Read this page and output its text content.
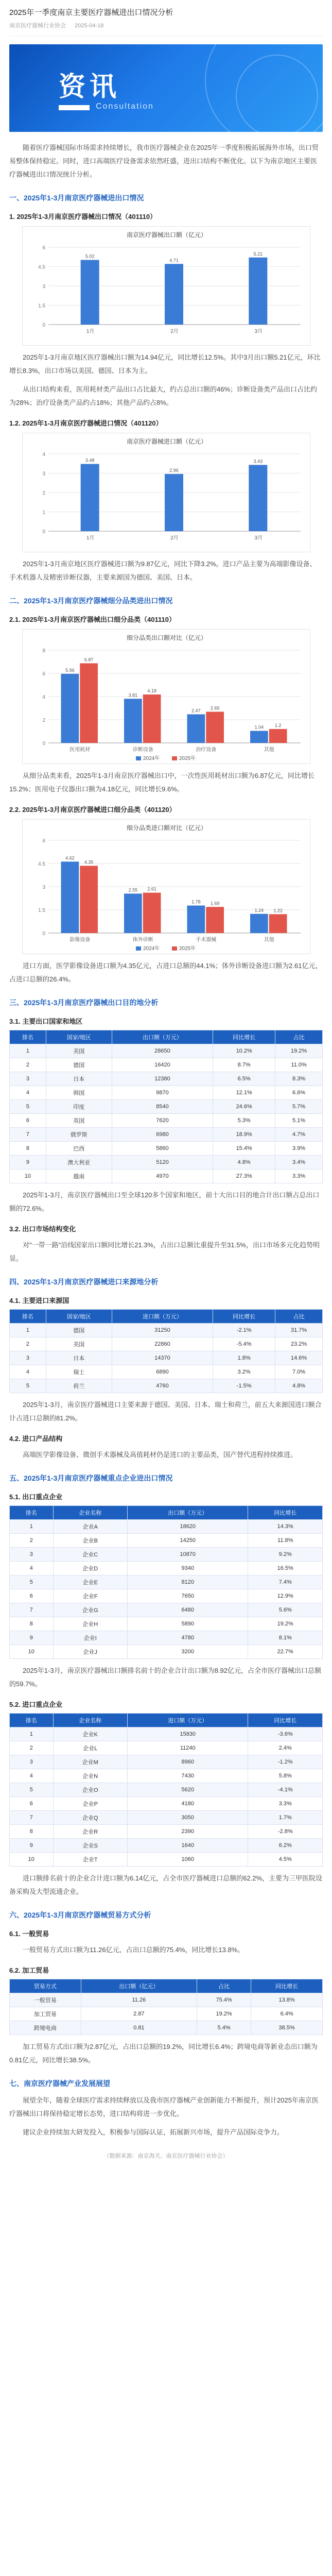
2025年一季度南京主要医疗器械进出口情况分析
南京医疗器械行业协会 2025-04-18
资讯
Consultation

随着医疗器械国际市场需求持续增长，我市医疗器械企业在2025年一季度积极拓展海外市场，出口贸易整体保持稳定。同时，进口高端医疗设备需求依然旺盛，进出口结构不断优化。以下为南京地区主要医疗器械进出口情况统计分析。

一、2025年1-3月南京医疗器械进出口情况
1. 2025年1-3月南京医疗器械出口情况（401110）
南京医疗器械出口额（亿元）
0
1.5
3
4.5
6
5.02
1月
4.71
2月
5.21
3月

2025年1-3月南京地区医疗器械出口额为14.94亿元，同比增长12.5%。其中3月出口额5.21亿元，环比增长8.3%，出口市场以美国、德国、日本为主。

从出口结构来看，医用耗材类产品出口占比最大，约占总出口额的46%；诊断设备类产品出口占比约为28%；治疗设备类产品约占18%；其他产品约占8%。

1.2. 2025年1-3月南京医疗器械进口情况（401120）
南京医疗器械进口额（亿元）
0
1
2
3
4
3.48
1月
2.96
2月
3.43
3月

2025年1-3月南京地区医疗器械进口额为9.87亿元，同比下降3.2%。进口产品主要为高端影像设备、手术机器人及精密诊断仪器，主要来源国为德国、美国、日本。

二、2025年1-3月南京医疗器械细分品类进出口情况
2.1. 2025年1-3月南京医疗器械出口细分品类（401110）
细分品类出口额对比（亿元）
0
2
4
6
8
5.96
6.87
医用耗材
3.81
4.18
诊断设备
2.47 2.69
治疗设备
1.04 1.2
其他
2024年	2025年

从细分品类来看，2025年1-3月南京医疗器械出口中，一次性医用耗材出口额为6.87亿元，同比增长15.2%；医用电子仪器出口额为4.18亿元，同比增长9.6%。

2.2. 2025年1-3月南京医疗器械进口细分品类（401120）
细分品类进口额对比（亿元）
0
1.5
3
4.5
6
4.62
4.35
影像设备
2.55 2.61
体外诊断
1.78 1.69
手术器械
1.24 1.22
其他
2024年	2025年

进口方面，医学影像设备进口额为4.35亿元，占进口总额的44.1%；体外诊断设备进口额为2.61亿元，占进口总额的26.4%。

三、2025年1-3月南京医疗器械出口目的地分析
3.1. 主要出口国家和地区
排名	国家/地区	出口额（万元）	同比增长	占比
1	美国	28650	10.2%	19.2%
2	德国	16420	8.7%	11.0%
3	日本	12380	6.5%	8.3%
4	韩国	9870	12.1%	6.6%
5	印度	8540	24.6%	5.7%
6	英国	7620	5.3%	5.1%
7	俄罗斯	6980	18.9%	4.7%
8	巴西	5860	15.4%	3.9%
9	澳大利亚	5120	4.8%	3.4%
10	越南	4970	27.3%	3.3%

2025年1-3月，南京医疗器械出口至全球120多个国家和地区，前十大出口目的地合计出口额占总出口额的72.6%。

3.2. 出口市场结构变化

对"一带一路"沿线国家出口额同比增长21.3%，占出口总额比重提升至31.5%，出口市场多元化趋势明显。

四、2025年1-3月南京医疗器械进口来源地分析
4.1. 主要进口来源国
排名	国家/地区	进口额（万元）	同比增长	占比
1	德国	31250	-2.1%	31.7%
2	美国	22860	-5.4%	23.2%
3	日本	14370	1.8%	14.6%
4	瑞士	6890	3.2%	7.0%
5	荷兰	4760	-1.5%	4.8%

2025年1-3月，南京医疗器械进口主要来源于德国、美国、日本、瑞士和荷兰，前五大来源国进口额合计占进口总额的81.2%。

4.2. 进口产品结构

高端医学影像设备、微创手术器械及高值耗材仍是进口的主要品类，国产替代进程持续推进。

五、2025年1-3月南京医疗器械重点企业进出口情况
5.1. 出口重点企业
排名	企业名称	出口额（万元）	同比增长
1	企业A	18620	14.3%
2	企业B	14250	11.8%
3	企业C	10870	9.2%
4	企业D	9340	16.5%
5	企业E	8120	7.4%
6	企业F	7650	12.9%
7	企业G	6480	5.6%
8	企业H	5890	19.2%
9	企业I	4780	8.1%
10	企业J	3200	22.7%

2025年1-3月，南京医疗器械出口额排名前十的企业合计出口额为8.92亿元，占全市医疗器械出口总额的59.7%。

5.2. 进口重点企业
排名	企业名称	进口额（万元）	同比增长
1	企业K	15830	-3.6%
2	企业L	11240	2.4%
3	企业M	8960	-1.2%
4	企业N	7430	5.8%
5	企业O	5620	-4.1%
6	企业P	4180	3.3%
7	企业Q	3050	1.7%
8	企业R	2390	-2.8%
9	企业S	1640	6.2%
10	企业T	1060	4.5%

进口额排名前十的企业合计进口额为6.14亿元，占全市医疗器械进口总额的62.2%，主要为三甲医院设备采购及大型流通企业。

六、2025年1-3月南京医疗器械贸易方式分析
6.1. 一般贸易

一般贸易方式出口额为11.26亿元，占出口总额的75.4%，同比增长13.8%。

6.2. 加工贸易
贸易方式	出口额（亿元）	占比	同比增长
一般贸易	11.26	75.4%	13.8%
加工贸易	2.87	19.2%	6.4%
跨境电商	0.81	5.4%	38.5%

加工贸易方式出口额为2.87亿元，占出口总额的19.2%，同比增长6.4%；跨境电商等新业态出口额为0.81亿元，同比增长38.5%。

七、南京医疗器械产业发展展望

展望全年，随着全球医疗需求持续释放以及我市医疗器械产业创新能力不断提升，预计2025年南京医疗器械出口将保持稳定增长态势，进口结构将进一步优化。

建议企业持续加大研发投入，积极参与国际认证，拓展新兴市场，提升产品国际竞争力。

（数据来源：南京海关、南京医疗器械行业协会）
